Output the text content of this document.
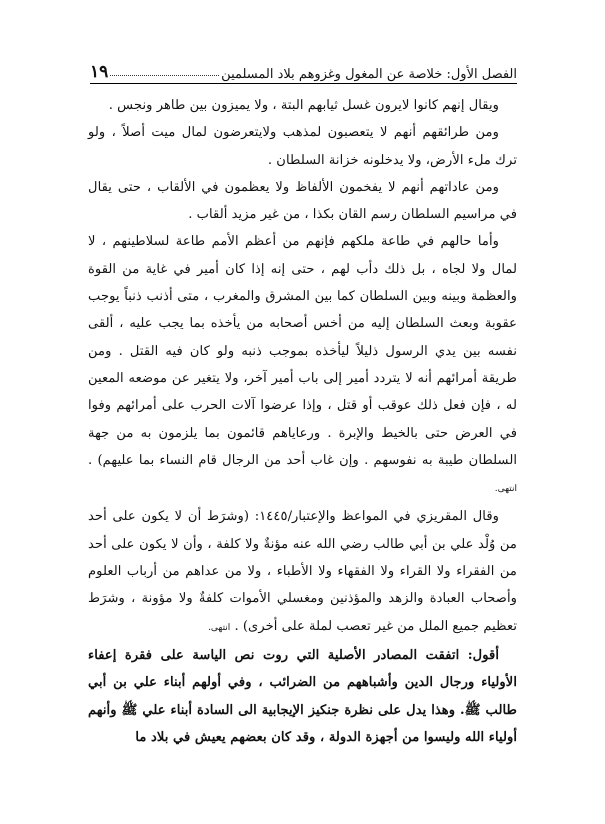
الفصل الأول: خلاصة عن المغول وغزوهم بلاد المسلمين
١٩

ويقال إنهم كانوا لايرون غسل ثيابهم البتة ، ولا يميزون بين طاهر ونجس .

ومن طرائقهم أنهم لا يتعصبون لمذهب ولايتعرضون لمال ميت أصلاً ، ولو ترك ملء الأرض، ولا يدخلونه خزانة السلطان .

ومن عاداتهم أنهم لا يفخمون الألفاظ ولا يعظمون في الألقاب ، حتى يقال في مراسيم السلطان رسم القان بكذا ، من غير مزيد ألقاب .

وأما حالهم في طاعة ملكهم فإنهم من أعظم الأمم طاعة لسلاطينهم ، لا لمال ولا لجاه ، بل ذلك دأب لهم ، حتى إنه إذا كان أمير في غاية من القوة والعظمة وبينه وبين السلطان كما بين المشرق والمغرب ، متى أذنب ذنباً يوجب عقوبة وبعث السلطان إليه من أخس أصحابه من يأخذه بما يجب عليه ، ألقى نفسه بين يدي الرسول ذليلاً ليأخذه بموجب ذنبه ولو كان فيه القتل . ومن طريقة أمرائهم أنه لا يتردد أمير إلى باب أمير آخر، ولا يتغير عن موضعه المعين له ، فإن فعل ذلك عوقب أو قتل ، وإذا عرضوا آلات الحرب على أمرائهم وفوا في العرض حتى بالخيط والإبرة . ورعاياهم قائمون بما يلزمون به من جهة السلطان طيبة به نفوسهم . وإن غاب أحد من الرجال قام النساء بما عليهم) . انتهى.

وقال المقريزي في المواعظ والإعتبار/١٤٤٥: (وشرَط أن لا يكون على أحد من وُلْد علي بن أبي طالب رضي الله عنه مؤنةٌ ولا كلفة ، وأن لا يكون على أحد من الفقراء ولا القراء ولا الفقهاء ولا الأطباء ، ولا من عداهم من أرباب العلوم وأصحاب العبادة والزهد والمؤذنين ومغسلي الأموات كلفةٌ ولا مؤونة ، وشرَط تعظيم جميع الملل من غير تعصب لملة على أخرى) . انتهى.

أقول: اتفقت المصادر الأصلية التي روت نص الياسة على فقرة إعفاء الأولياء ورجال الدين وأشباههم من الضرائب ، وفي أولهم أبناء علي بن أبي طالب ﷺ. وهذا يدل على نظرة جنكيز الإيجابية الى السادة أبناء علي ﷺ وأنهم أولياء الله وليسوا من أجهزة الدولة ، وقد كان بعضهم يعيش في بلاد ما
